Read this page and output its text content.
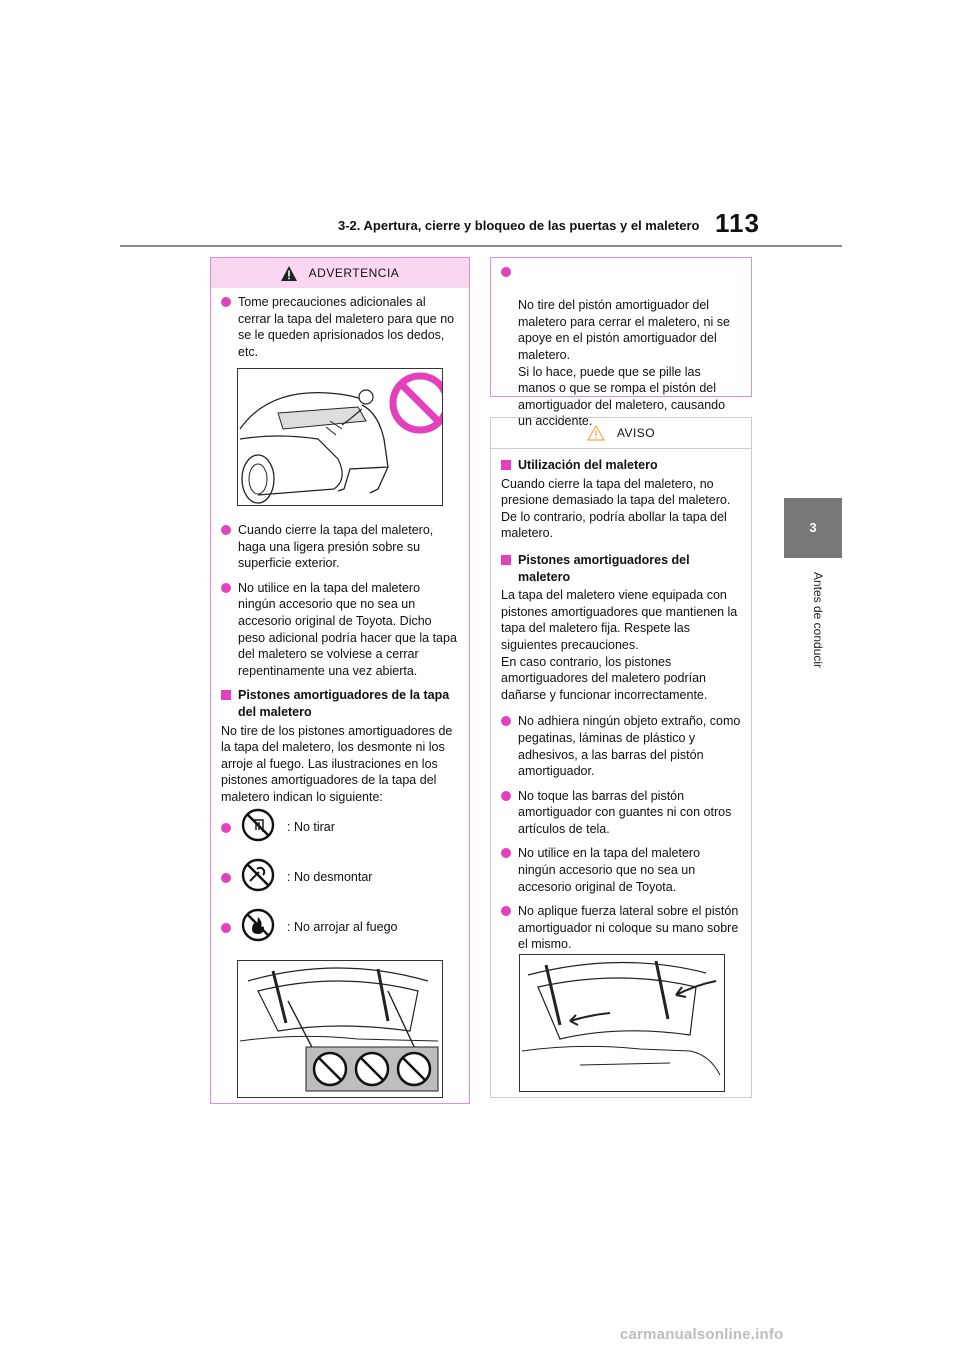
3-2. Apertura, cierre y bloqueo de las puertas y el maletero 113
3
Antes de conducir
ADVERTENCIA
Tome precauciones adicionales al cerrar la tapa del maletero para que no se le queden aprisionados los dedos, etc.
Cuando cierre la tapa del maletero, haga una ligera presión sobre su superficie exterior.
No utilice en la tapa del maletero ningún accesorio que no sea un accesorio original de Toyota. Dicho peso adicional podría hacer que la tapa del maletero se volviese a cerrar repentinamente una vez abierta.
Pistones amortiguadores de la tapa del maletero
No tire de los pistones amortiguadores de la tapa del maletero, los desmonte ni los arroje al fuego. Las ilustraciones en los pistones amortiguadores de la tapa del maletero indican lo siguiente:
: No tirar
: No desmontar
: No arrojar al fuego

No tire del pistón amortiguador del maletero para cerrar el maletero, ni se apoye en el pistón amortiguador del maletero.
Si lo hace, puede que se pille las manos o que se rompa el pistón del amortiguador del maletero, causando un accidente.

AVISO
Utilización del maletero
Cuando cierre la tapa del maletero, no presione demasiado la tapa del maletero. De lo contrario, podría abollar la tapa del maletero.
Pistones amortiguadores del maletero
La tapa del maletero viene equipada con pistones amortiguadores que mantienen la tapa del maletero fija. Respete las siguientes precauciones.
En caso contrario, los pistones amortiguadores del maletero podrían dañarse y funcionar incorrectamente.
No adhiera ningún objeto extraño, como pegatinas, láminas de plástico y adhesivos, a las barras del pistón amortiguador.
No toque las barras del pistón amortiguador con guantes ni con otros artículos de tela.
No utilice en la tapa del maletero ningún accesorio que no sea un accesorio original de Toyota.
No aplique fuerza lateral sobre el pistón amortiguador ni coloque su mano sobre el mismo.
carmanualsonline.info
